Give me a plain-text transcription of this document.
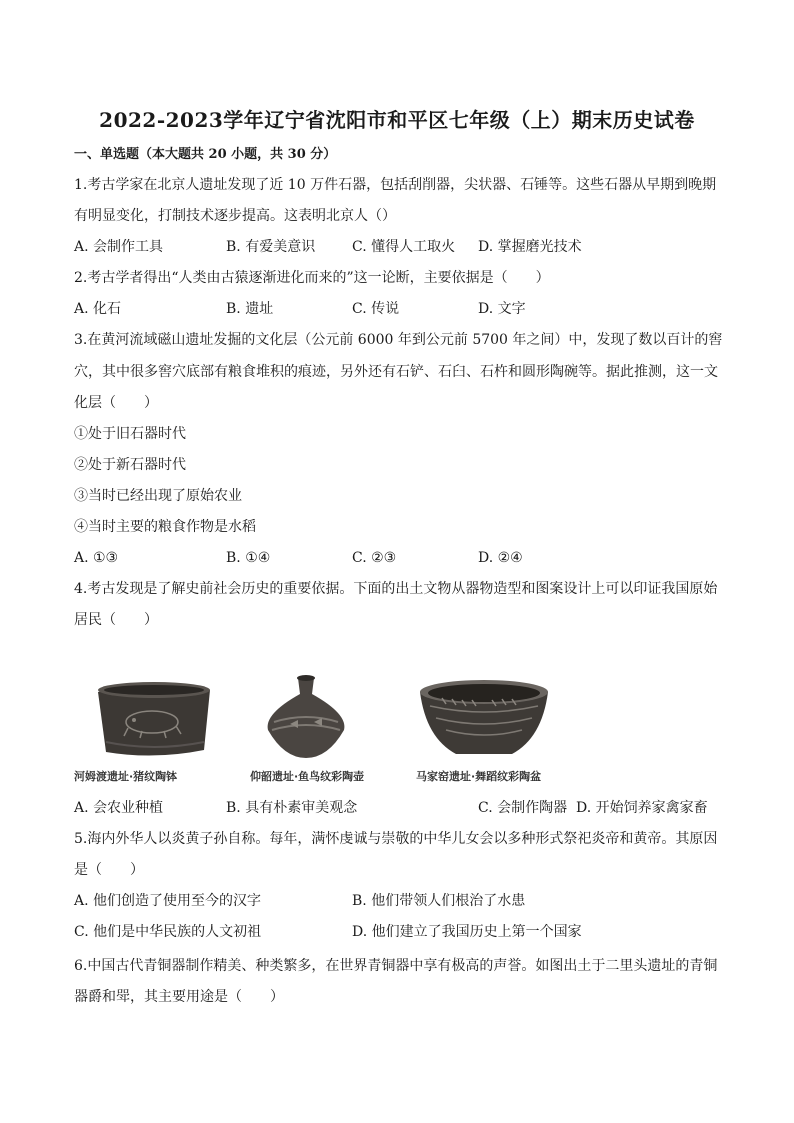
2022-2023学年辽宁省沈阳市和平区七年级（上）期末历史试卷
一、单选题（本大题共 20 小题，共 30 分）
1.考古学家在北京人遗址发现了近 10 万件石器，包括刮削器，尖状器、石锤等。这些石器从早期到晚期
有明显变化，打制技术逐步提高。这表明北京人（）
A. 会制作工具	B. 有爱美意识	C. 懂得人工取火 D. 掌握磨光技术
2.考古学者得出“人类由古猿逐渐进化而来的”这一论断，主要依据是（　　）
A. 化石	B. 遗址	C. 传说	D. 文字
3.在黄河流域磁山遗址发掘的文化层（公元前 6000 年到公元前 5700 年之间）中，发现了数以百计的窖
穴，其中很多窖穴底部有粮食堆积的痕迹，另外还有石铲、石臼、石杵和圆形陶碗等。据此推测，这一文
化层（　　）
①处于旧石器时代
②处于新石器时代
③当时已经出现了原始农业
④当时主要的粮食作物是水稻
A. ①③	B. ①④	C. ②③	D. ②④
4.考古发现是了解史前社会历史的重要依据。下面的出土文物从器物造型和图案设计上可以印证我国原始
居民（　　）
河姆渡遗址·猪纹陶钵	仰韶遗址·鱼鸟纹彩陶壶	马家窑遗址·舞蹈纹彩陶盆
A. 会农业种植	B. 具有朴素审美观念	C. 会制作陶器 D. 开始饲养家禽家畜
5.海内外华人以炎黄子孙自称。每年，满怀虔诚与崇敬的中华儿女会以多种形式祭祀炎帝和黄帝。其原因
是（　　）
A. 他们创造了使用至今的汉字	B. 他们带领人们根治了水患
C. 他们是中华民族的人文初祖	D. 他们建立了我国历史上第一个国家
6.中国古代青铜器制作精美、种类繁多，在世界青铜器中享有极高的声誉。如图出土于二里头遗址的青铜
器爵和斝，其主要用途是（　　）
